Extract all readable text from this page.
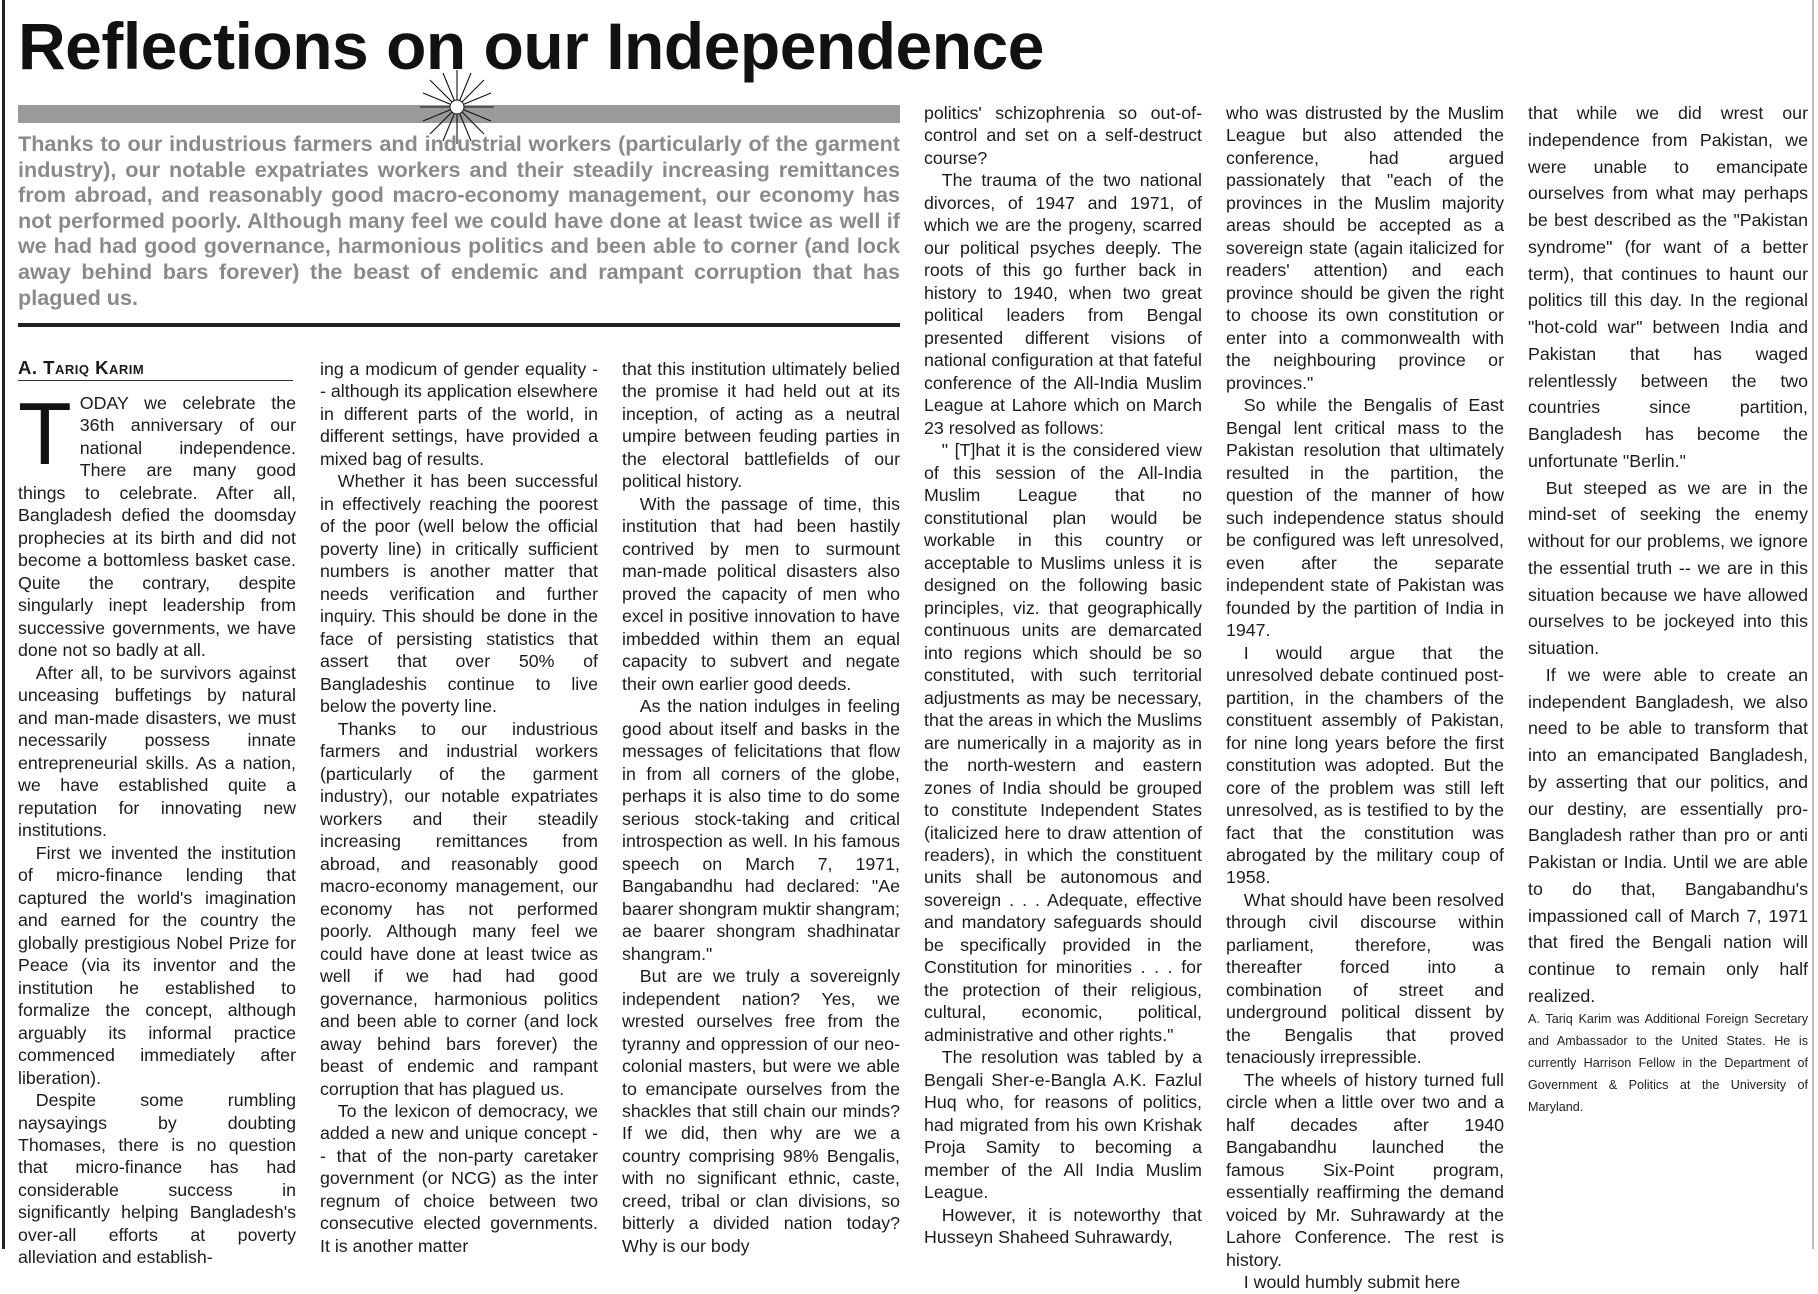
Reflections on our Independence

Thanks to our industrious farmers and industrial workers (particularly of the garment industry), our notable expatriates workers and their steadily increasing remittances from abroad, and reasonably good macro-economy management, our economy has not performed poorly. Although many feel we could have done at least twice as well if we had had good governance, harmonious politics and been able to corner (and lock away behind bars forever) the beast of endemic and rampant corruption that has plagued us.

A. Tariq Karim

TODAY we celebrate the 36th anniversary of our national independence. There are many good things to celebrate. After all, Bangladesh defied the doomsday prophecies at its birth and did not become a bottomless basket case. Quite the contrary, despite singularly inept leadership from successive governments, we have done not so badly at all.
 After all, to be survivors against unceasing buffetings by natural and man-made disasters, we must necessarily possess innate entrepreneurial skills. As a nation, we have established quite a reputation for innovating new institutions.
 First we invented the institution of micro-finance lending that captured the world's imagination and earned for the country the globally prestigious Nobel Prize for Peace (via its inventor and the institution he established to formalize the concept, although arguably its informal practice commenced immediately after liberation).
 Despite some rumbling naysayings by doubting Thomases, there is no question that micro-finance has had considerable success in significantly helping Bangladesh's over-all efforts at poverty alleviation and establish-

ing a modicum of gender equality -- although its application elsewhere in different parts of the world, in different settings, have provided a mixed bag of results.
 Whether it has been successful in effectively reaching the poorest of the poor (well below the official poverty line) in critically sufficient numbers is another matter that needs verification and further inquiry. This should be done in the face of persisting statistics that assert that over 50% of Bangladeshis continue to live below the poverty line.
 Thanks to our industrious farmers and industrial workers (particularly of the garment industry), our notable expatriates workers and their steadily increasing remittances from abroad, and reasonably good macro-economy management, our economy has not performed poorly. Although many feel we could have done at least twice as well if we had had good governance, harmonious politics and been able to corner (and lock away behind bars forever) the beast of endemic and rampant corruption that has plagued us.
 To the lexicon of democracy, we added a new and unique concept -- that of the non-party caretaker government (or NCG) as the inter regnum of choice between two consecutive elected governments. It is another matter

that this institution ultimately belied the promise it had held out at its inception, of acting as a neutral umpire between feuding parties in the electoral battlefields of our political history.
 With the passage of time, this institution that had been hastily contrived by men to surmount man-made political disasters also proved the capacity of men who excel in positive innovation to have imbedded within them an equal capacity to subvert and negate their own earlier good deeds.
 As the nation indulges in feeling good about itself and basks in the messages of felicitations that flow in from all corners of the globe, perhaps it is also time to do some serious stock-taking and critical introspection as well. In his famous speech on March 7, 1971, Bangabandhu had declared: "Ae baarer shongram muktir shangram; ae baarer shongram shadhinatar shangram."
 But are we truly a sovereignly independent nation? Yes, we wrested ourselves free from the tyranny and oppression of our neo-colonial masters, but were we able to emancipate ourselves from the shackles that still chain our minds? If we did, then why are we a country comprising 98% Bengalis, with no significant ethnic, caste, creed, tribal or clan divisions, so bitterly a divided nation today? Why is our body

politics' schizophrenia so out-of-control and set on a self-destruct course?
 The trauma of the two national divorces, of 1947 and 1971, of which we are the progeny, scarred our political psyches deeply. The roots of this go further back in history to 1940, when two great political leaders from Bengal presented different visions of national configuration at that fateful conference of the All-India Muslim League at Lahore which on March 23 resolved as follows:
 " [T]hat it is the considered view of this session of the All-India Muslim League that no constitutional plan would be workable in this country or acceptable to Muslims unless it is designed on the following basic principles, viz. that geographically continuous units are demarcated into regions which should be so constituted, with such territorial adjustments as may be necessary, that the areas in which the Muslims are numerically in a majority as in the north-western and eastern zones of India should be grouped to constitute Independent States (italicized here to draw attention of readers), in which the constituent units shall be autonomous and sovereign . . . Adequate, effective and mandatory safeguards should be specifically provided in the Constitution for minorities . . . for the protection of their religious, cultural, economic, political, administrative and other rights."
 The resolution was tabled by a Bengali Sher-e-Bangla A.K. Fazlul Huq who, for reasons of politics, had migrated from his own Krishak Proja Samity to becoming a member of the All India Muslim League.
 However, it is noteworthy that Husseyn Shaheed Suhrawardy,

who was distrusted by the Muslim League but also attended the conference, had argued passionately that "each of the provinces in the Muslim majority areas should be accepted as a sovereign state (again italicized for readers' attention) and each province should be given the right to choose its own constitution or enter into a commonwealth with the neighbouring province or provinces."
 So while the Bengalis of East Bengal lent critical mass to the Pakistan resolution that ultimately resulted in the partition, the question of the manner of how such independence status should be configured was left unresolved, even after the separate independent state of Pakistan was founded by the partition of India in 1947.
 I would argue that the unresolved debate continued post-partition, in the chambers of the constituent assembly of Pakistan, for nine long years before the first constitution was adopted. But the core of the problem was still left unresolved, as is testified to by the fact that the constitution was abrogated by the military coup of 1958.
 What should have been resolved through civil discourse within parliament, therefore, was thereafter forced into a combination of street and underground political dissent by the Bengalis that proved tenaciously irrepressible.
 The wheels of history turned full circle when a little over two and a half decades after 1940 Bangabandhu launched the famous Six-Point program, essentially reaffirming the demand voiced by Mr. Suhrawardy at the Lahore Conference. The rest is history.
 I would humbly submit here

that while we did wrest our independence from Pakistan, we were unable to emancipate ourselves from what may perhaps be best described as the "Pakistan syndrome" (for want of a better term), that continues to haunt our politics till this day. In the regional "hot-cold war" between India and Pakistan that has waged relentlessly between the two countries since partition, Bangladesh has become the unfortunate "Berlin."
 But steeped as we are in the mind-set of seeking the enemy without for our problems, we ignore the essential truth -- we are in this situation because we have allowed ourselves to be jockeyed into this situation.
 If we were able to create an independent Bangladesh, we also need to be able to transform that into an emancipated Bangladesh, by asserting that our politics, and our destiny, are essentially pro-Bangladesh rather than pro or anti Pakistan or India. Until we are able to do that, Bangabandhu's impassioned call of March 7, 1971 that fired the Bengali nation will continue to remain only half realized.

A. Tariq Karim was Additional Foreign Secretary and Ambassador to the United States. He is currently Harrison Fellow in the Department of Government & Politics at the University of Maryland.
